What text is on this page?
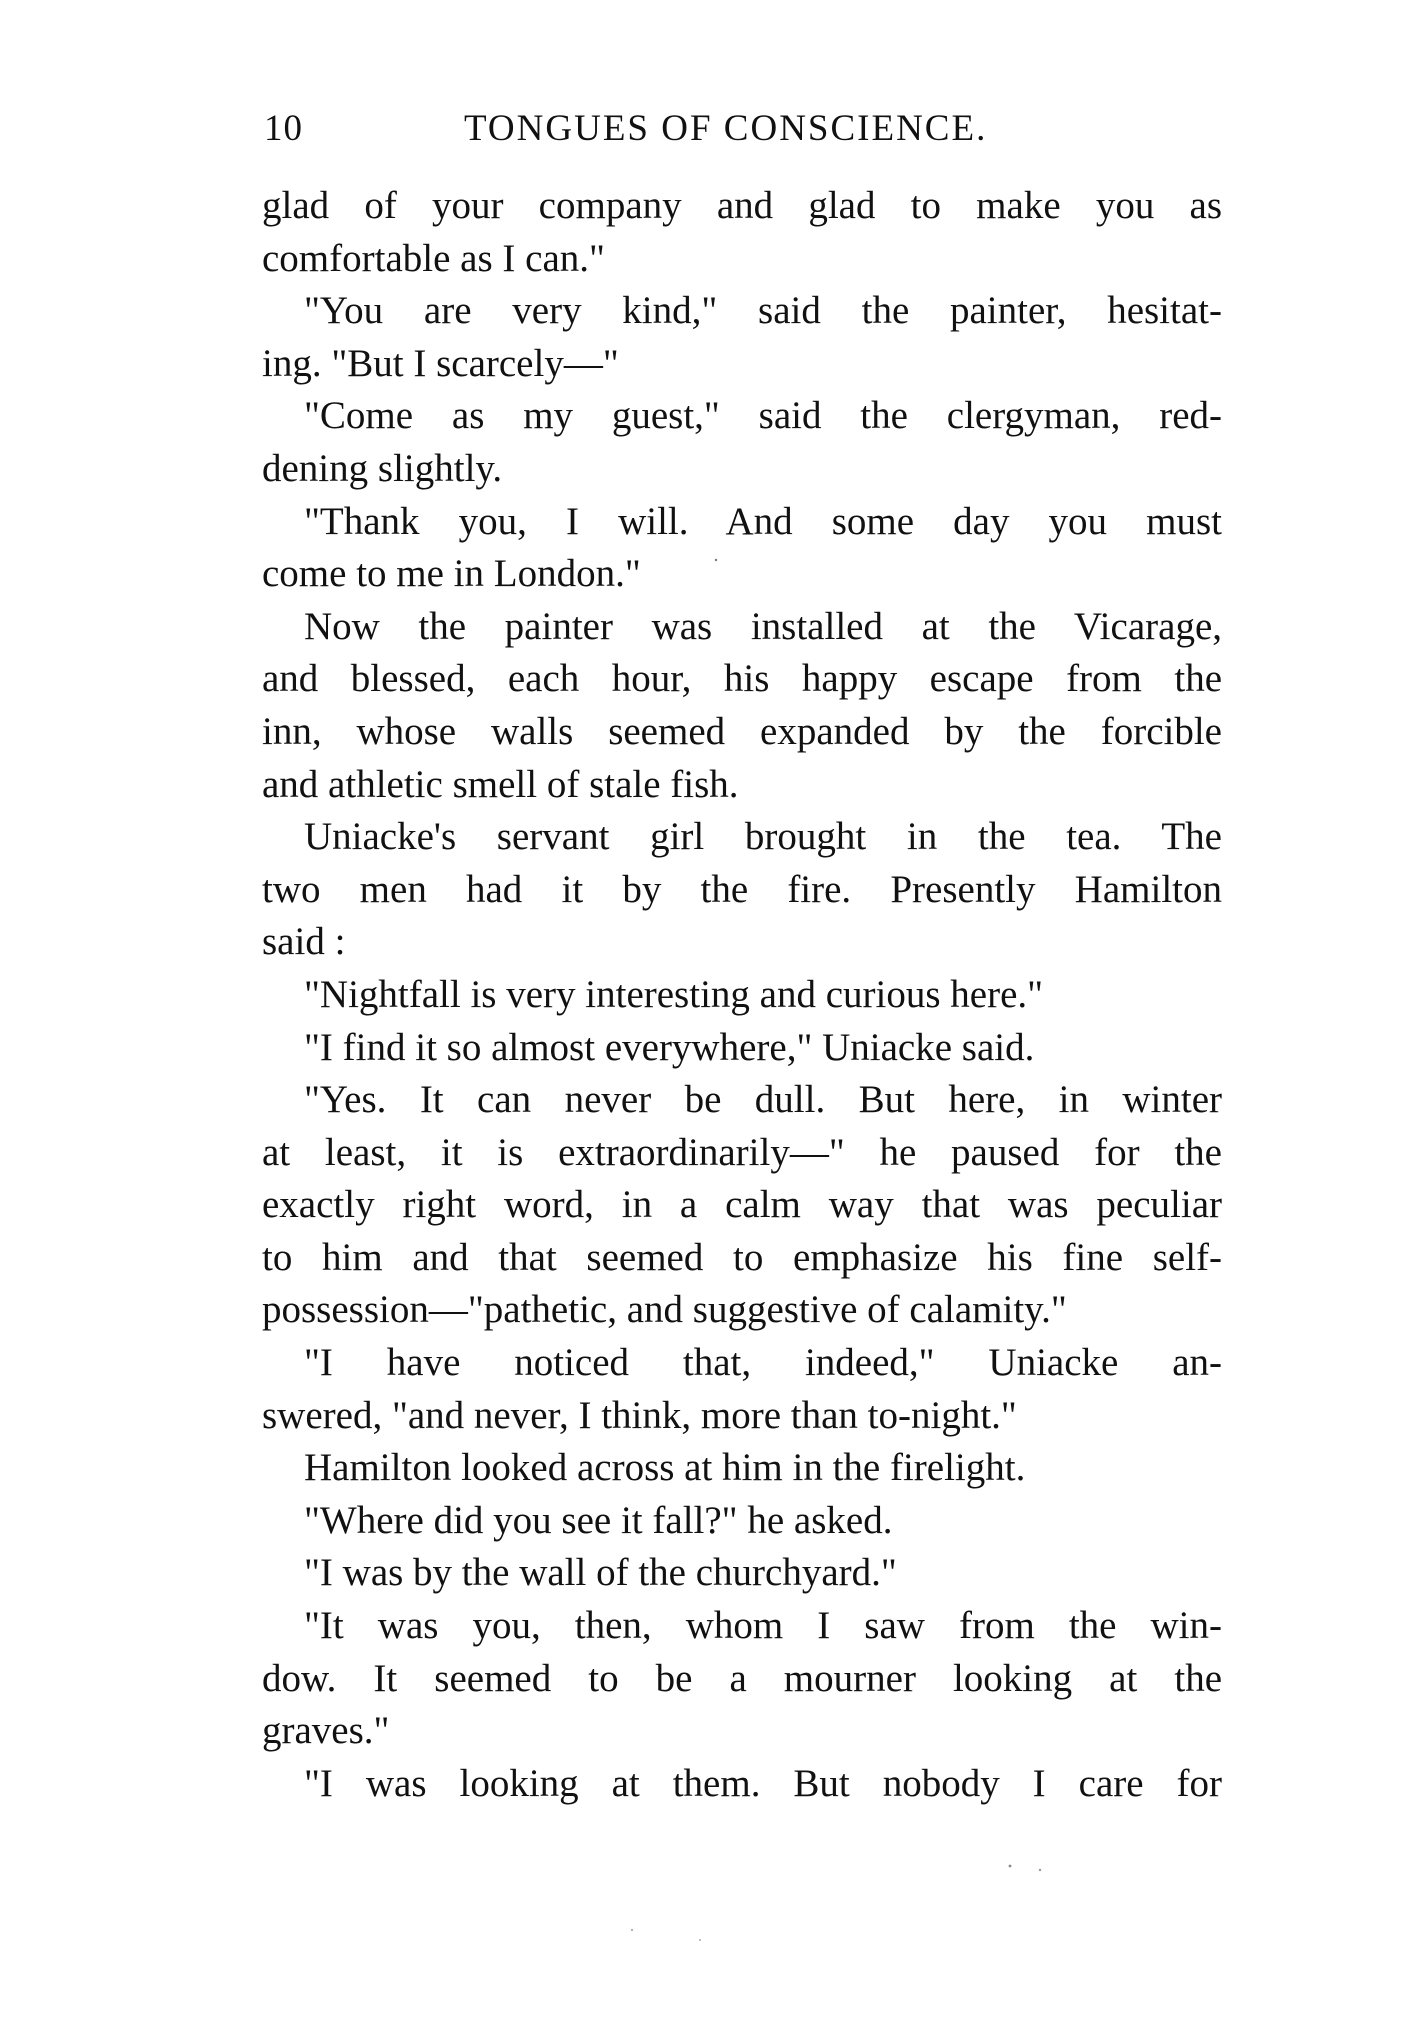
10	TONGUES OF CONSCIENCE.
glad of your company and glad to make you as
comfortable as I can."
"You are very kind," said the painter, hesitat-
ing. "But I scarcely—"
"Come as my guest," said the clergyman, red-
dening slightly.
"Thank you, I will. And some day you must
come to me in London."
Now the painter was installed at the Vicarage,
and blessed, each hour, his happy escape from the
inn, whose walls seemed expanded by the forcible
and athletic smell of stale fish.
Uniacke's servant girl brought in the tea. The
two men had it by the fire. Presently Hamilton
said :
"Nightfall is very interesting and curious here."
"I find it so almost everywhere," Uniacke said.
"Yes. It can never be dull. But here, in winter
at least, it is extraordinarily—" he paused for the
exactly right word, in a calm way that was peculiar
to him and that seemed to emphasize his fine self-
possession—"pathetic, and suggestive of calamity."
"I have noticed that, indeed," Uniacke an-
swered, "and never, I think, more than to-night."
Hamilton looked across at him in the firelight.
"Where did you see it fall?" he asked.
"I was by the wall of the churchyard."
"It was you, then, whom I saw from the win-
dow. It seemed to be a mourner looking at the
graves."
"I was looking at them. But nobody I care for
